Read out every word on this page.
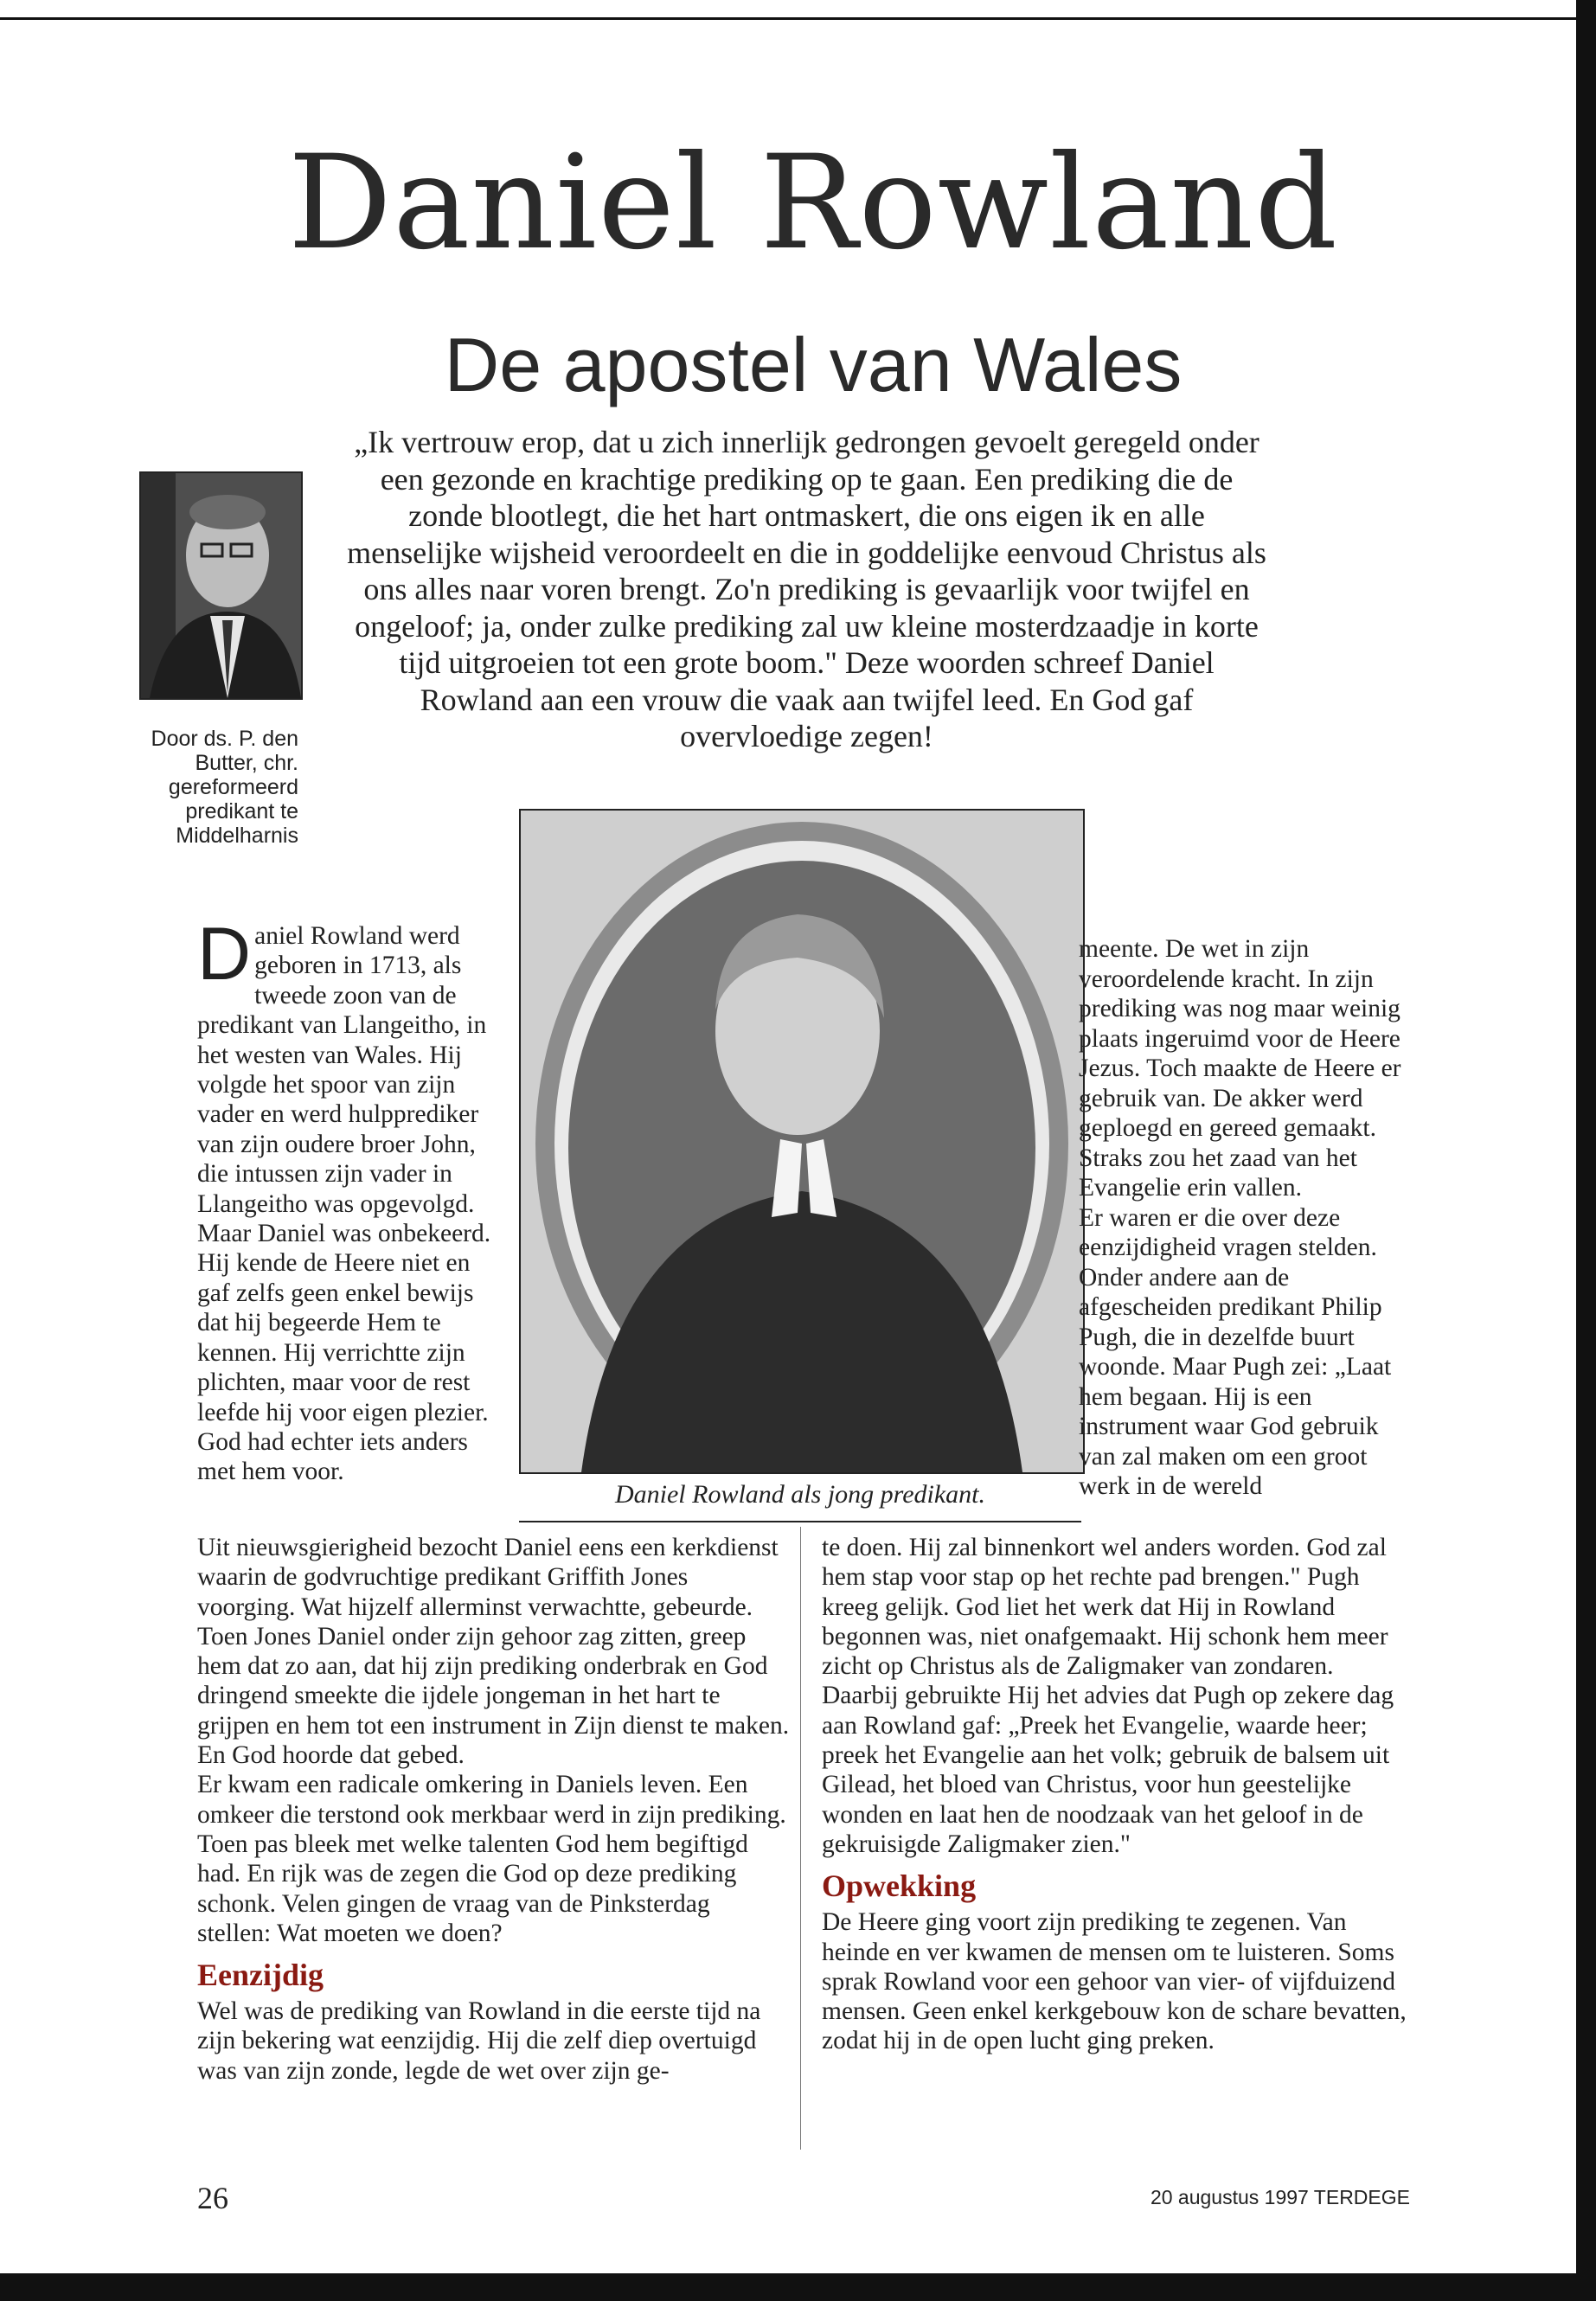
Daniel Rowland
De apostel van Wales
Door ds. P. den Butter, chr. gereformeerd predikant te Middelharnis
„Ik vertrouw erop, dat u zich innerlijk gedrongen gevoelt geregeld onder een gezonde en krachtige prediking op te gaan. Een prediking die de zonde blootlegt, die het hart ontmaskert, die ons eigen ik en alle menselijke wijsheid veroordeelt en die in goddelijke eenvoud Christus als ons alles naar voren brengt. Zo'n prediking is gevaarlijk voor twijfel en ongeloof; ja, onder zulke prediking zal uw kleine mosterdzaadje in korte tijd uitgroeien tot een grote boom." Deze woorden schreef Daniel Rowland aan een vrouw die vaak aan twijfel leed. En God gaf overvloedige zegen!
Daniel Rowland als jong predikant.

Daniel Rowland werd geboren in 1713, als tweede zoon van de predikant van Llangeitho, in het westen van Wales. Hij volgde het spoor van zijn vader en werd hulpprediker van zijn oudere broer John, die intussen zijn vader in Llangeitho was opgevolgd.

Maar Daniel was onbekeerd. Hij kende de Heere niet en gaf zelfs geen enkel bewijs dat hij begeerde Hem te kennen. Hij verrichtte zijn plichten, maar voor de rest leefde hij voor eigen plezier. God had echter iets anders met hem voor.

meente. De wet in zijn veroordelende kracht. In zijn prediking was nog maar weinig plaats ingeruimd voor de Heere Jezus. Toch maakte de Heere er gebruik van. De akker werd geploegd en gereed gemaakt. Straks zou het zaad van het Evangelie erin vallen.

Er waren er die over deze eenzijdigheid vragen stelden. Onder andere aan de afgescheiden predikant Philip Pugh, die in dezelfde buurt woonde. Maar Pugh zei: „Laat hem begaan. Hij is een instrument waar God gebruik van zal maken om een groot werk in de wereld

Uit nieuwsgierigheid bezocht Daniel eens een kerkdienst waarin de godvruchtige predikant Griffith Jones voorging. Wat hijzelf allerminst verwachtte, gebeurde. Toen Jones Daniel onder zijn gehoor zag zitten, greep hem dat zo aan, dat hij zijn prediking onderbrak en God dringend smeekte die ijdele jongeman in het hart te grijpen en hem tot een instrument in Zijn dienst te maken. En God hoorde dat gebed.

Er kwam een radicale omkering in Daniels leven. Een omkeer die terstond ook merkbaar werd in zijn prediking. Toen pas bleek met welke talenten God hem begiftigd had. En rijk was de zegen die God op deze prediking schonk. Velen gingen de vraag van de Pinksterdag stellen: Wat moeten we doen?

Eenzijdig

Wel was de prediking van Rowland in die eerste tijd na zijn bekering wat eenzijdig. Hij die zelf diep overtuigd was van zijn zonde, legde de wet over zijn ge-

te doen. Hij zal binnenkort wel anders worden. God zal hem stap voor stap op het rechte pad brengen." Pugh kreeg gelijk. God liet het werk dat Hij in Rowland begonnen was, niet onafgemaakt. Hij schonk hem meer zicht op Christus als de Zaligmaker van zondaren. Daarbij gebruikte Hij het advies dat Pugh op zekere dag aan Rowland gaf: „Preek het Evangelie, waarde heer; preek het Evangelie aan het volk; gebruik de balsem uit Gilead, het bloed van Christus, voor hun geestelijke wonden en laat hen de noodzaak van het geloof in de gekruisigde Zaligmaker zien."

Opwekking

De Heere ging voort zijn prediking te zegenen. Van heinde en ver kwamen de mensen om te luisteren. Soms sprak Rowland voor een gehoor van vier- of vijfduizend mensen. Geen enkel kerkgebouw kon de schare bevatten, zodat hij in de open lucht ging preken.

26	20 augustus 1997 TERDEGE
